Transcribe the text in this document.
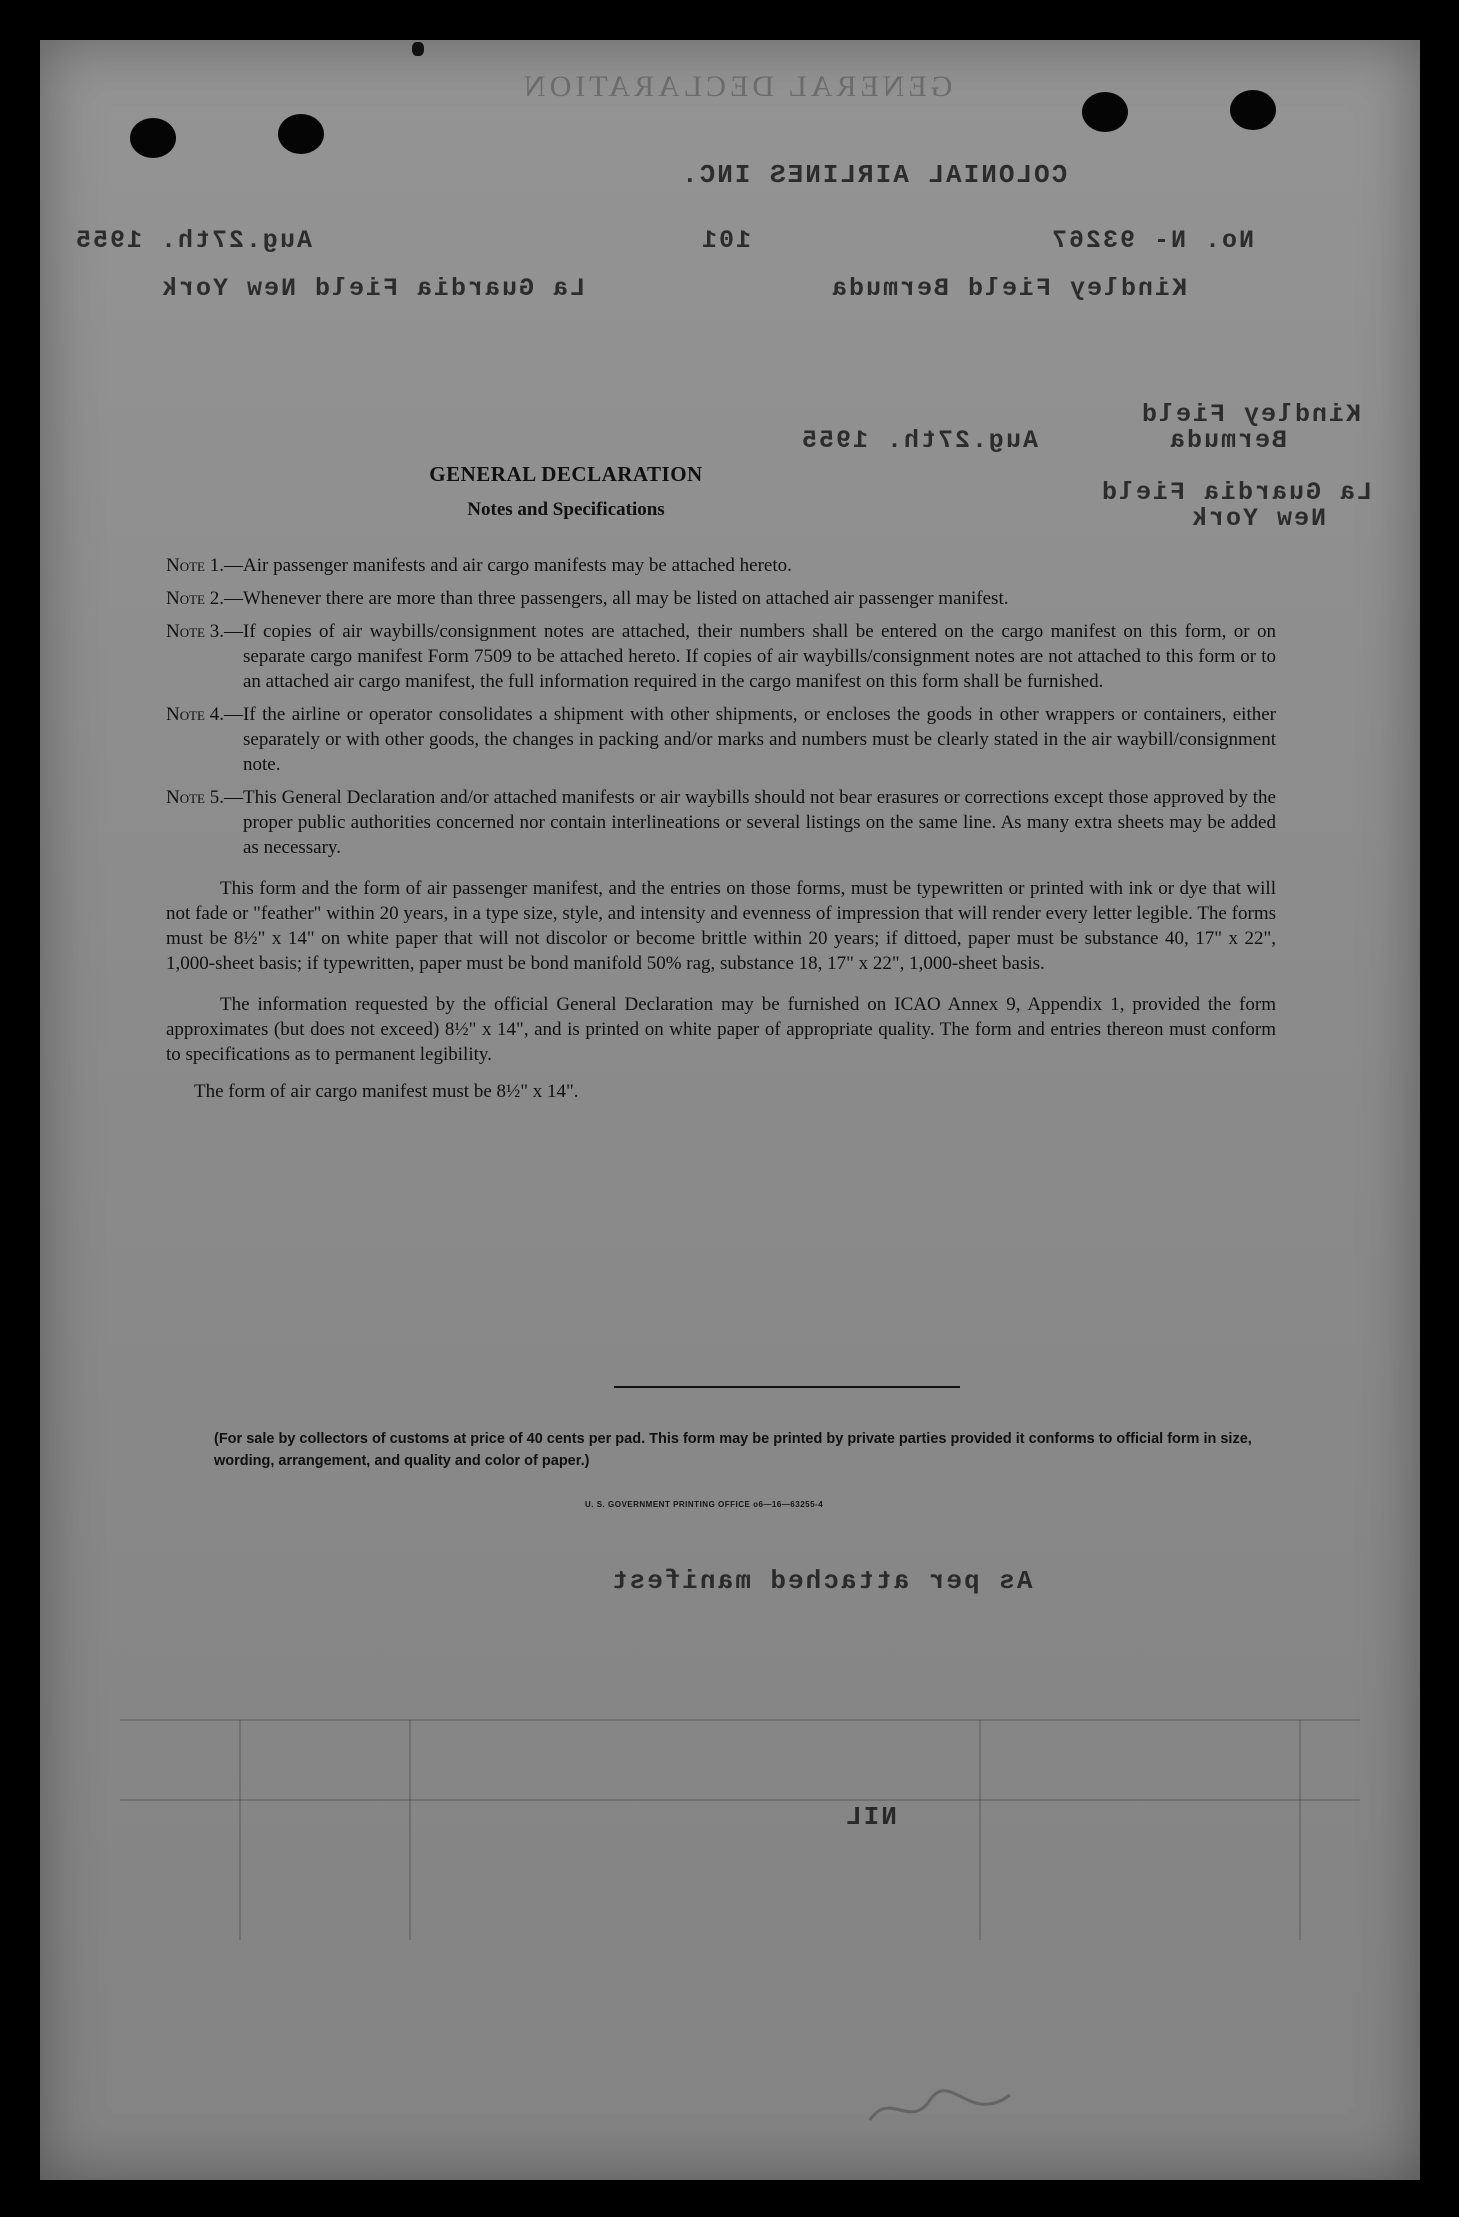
GENERAL DECLARATION
COLONIAL AIRLINES INC.
No. N- 93267
101
Aug.27th. 1955
Kindley Field Bermuda
La Guardia Field New York
Kindley Field
Bermuda
Aug.27th. 1955
La Guardia Field
New York
As per attached manifest
NIL
GENERAL DECLARATION
Notes and Specifications
Note 1.— Air passenger manifests and air cargo manifests may be attached hereto.
Note 2.— Whenever there are more than three passengers, all may be listed on attached air passenger manifest.
Note 3.— If copies of air waybills/consignment notes are attached, their numbers shall be entered on the cargo manifest on this form, or on separate cargo manifest Form 7509 to be attached hereto. If copies of air waybills/consignment notes are not attached to this form or to an attached air cargo manifest, the full information required in the cargo manifest on this form shall be furnished.
Note 4.— If the airline or operator consolidates a shipment with other shipments, or encloses the goods in other wrappers or containers, either separately or with other goods, the changes in packing and/or marks and numbers must be clearly stated in the air waybill/consignment note.
Note 5.— This General Declaration and/or attached manifests or air waybills should not bear erasures or corrections except those approved by the proper public authorities concerned nor contain interlineations or several listings on the same line. As many extra sheets may be added as necessary.

This form and the form of air passenger manifest, and the entries on those forms, must be typewritten or printed with ink or dye that will not fade or "feather" within 20 years, in a type size, style, and intensity and evenness of impression that will render every letter legible. The forms must be 8½" x 14" on white paper that will not discolor or become brittle within 20 years; if dittoed, paper must be substance 40, 17" x 22", 1,000-sheet basis; if typewritten, paper must be bond manifold 50% rag, substance 18, 17" x 22", 1,000-sheet basis.

The information requested by the official General Declaration may be furnished on ICAO Annex 9, Appendix 1, provided the form approximates (but does not exceed) 8½" x 14", and is printed on white paper of appropriate quality. The form and entries thereon must conform to specifications as to permanent legibility.

The form of air cargo manifest must be 8½" x 14".

(For sale by collectors of customs at price of 40 cents per pad. This form may be printed by private parties provided it conforms to official form in size, wording, arrangement, and quality and color of paper.)
U. S. GOVERNMENT PRINTING OFFICE o6—16—63255-4
